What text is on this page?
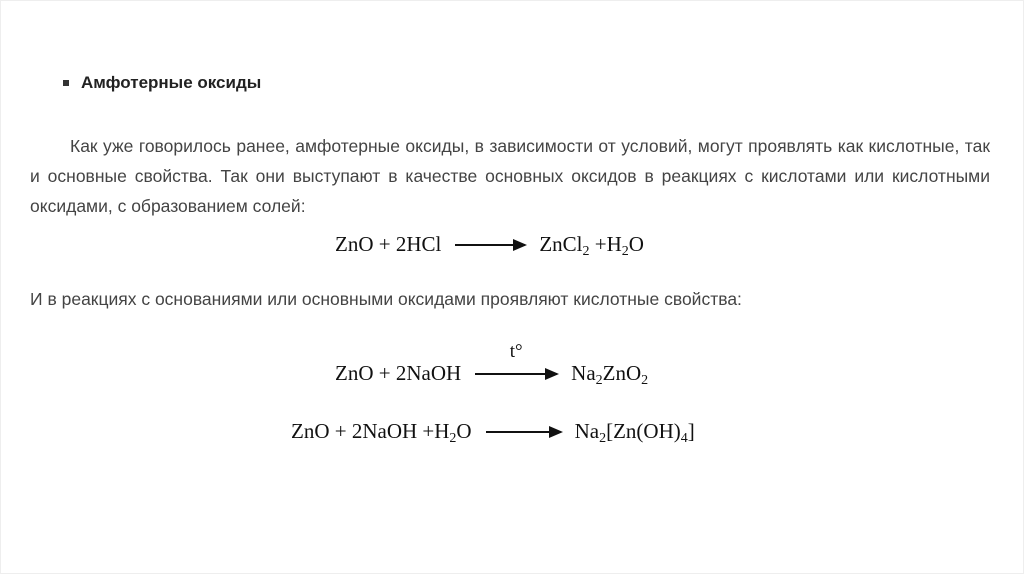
Амфотерные оксиды
Как уже говорилось ранее, амфотерные оксиды, в зависимости от условий, могут проявлять как кислотные, так и основные свойства. Так они выступают в качестве основных оксидов в реакциях с кислотами или кислотными оксидами, с образованием солей:
ZnO + 2HCl → ZnCl$_2$ $+H_2O$
И в реакциях с основаниями или основными оксидами проявляют кислотные свойства:
ZnO + 2NaOH
t°
$Na_2ZnO_2$
ZnO + 2NaOH $+H_2O \to Na_2[Zn(OH)_4]$
